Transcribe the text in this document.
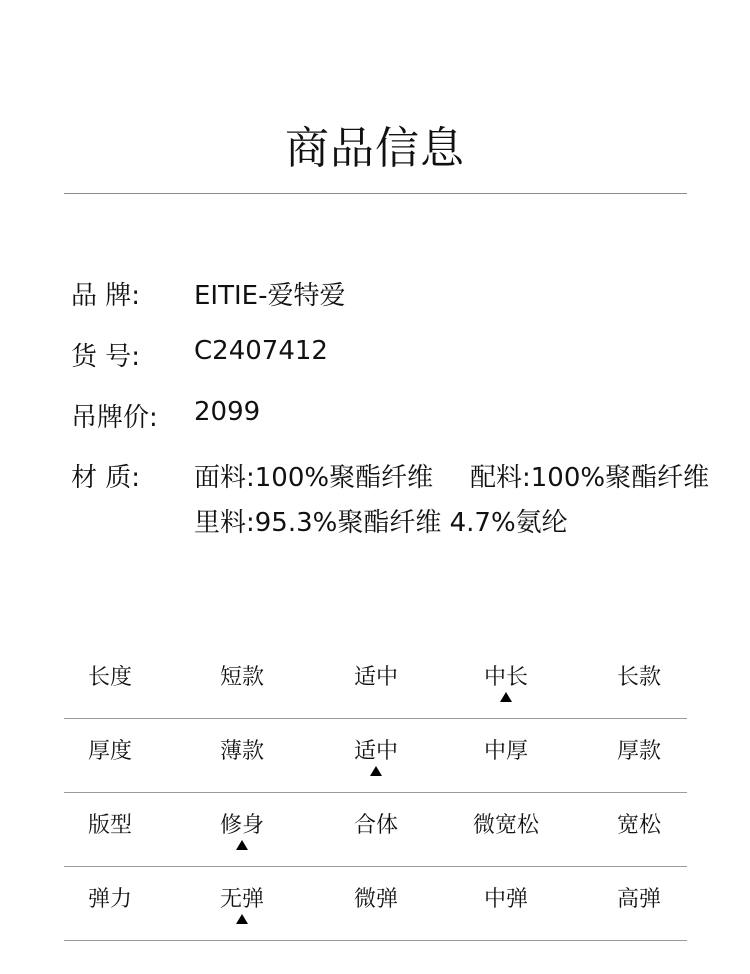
商品信息
品 牌:	EITIE-爱特爱
货 号:	C2407412
吊牌价:	2099
材 质:	面料:100%聚酯纤维 配料:100%聚酯纤维
里料:95.3%聚酯纤维 4.7%氨纶
长度	短款	适中	中长	长款
厚度	薄款	适中	中厚	厚款
版型	修身	合体	微宽松	宽松
弹力	无弹	微弹	中弹	高弹
